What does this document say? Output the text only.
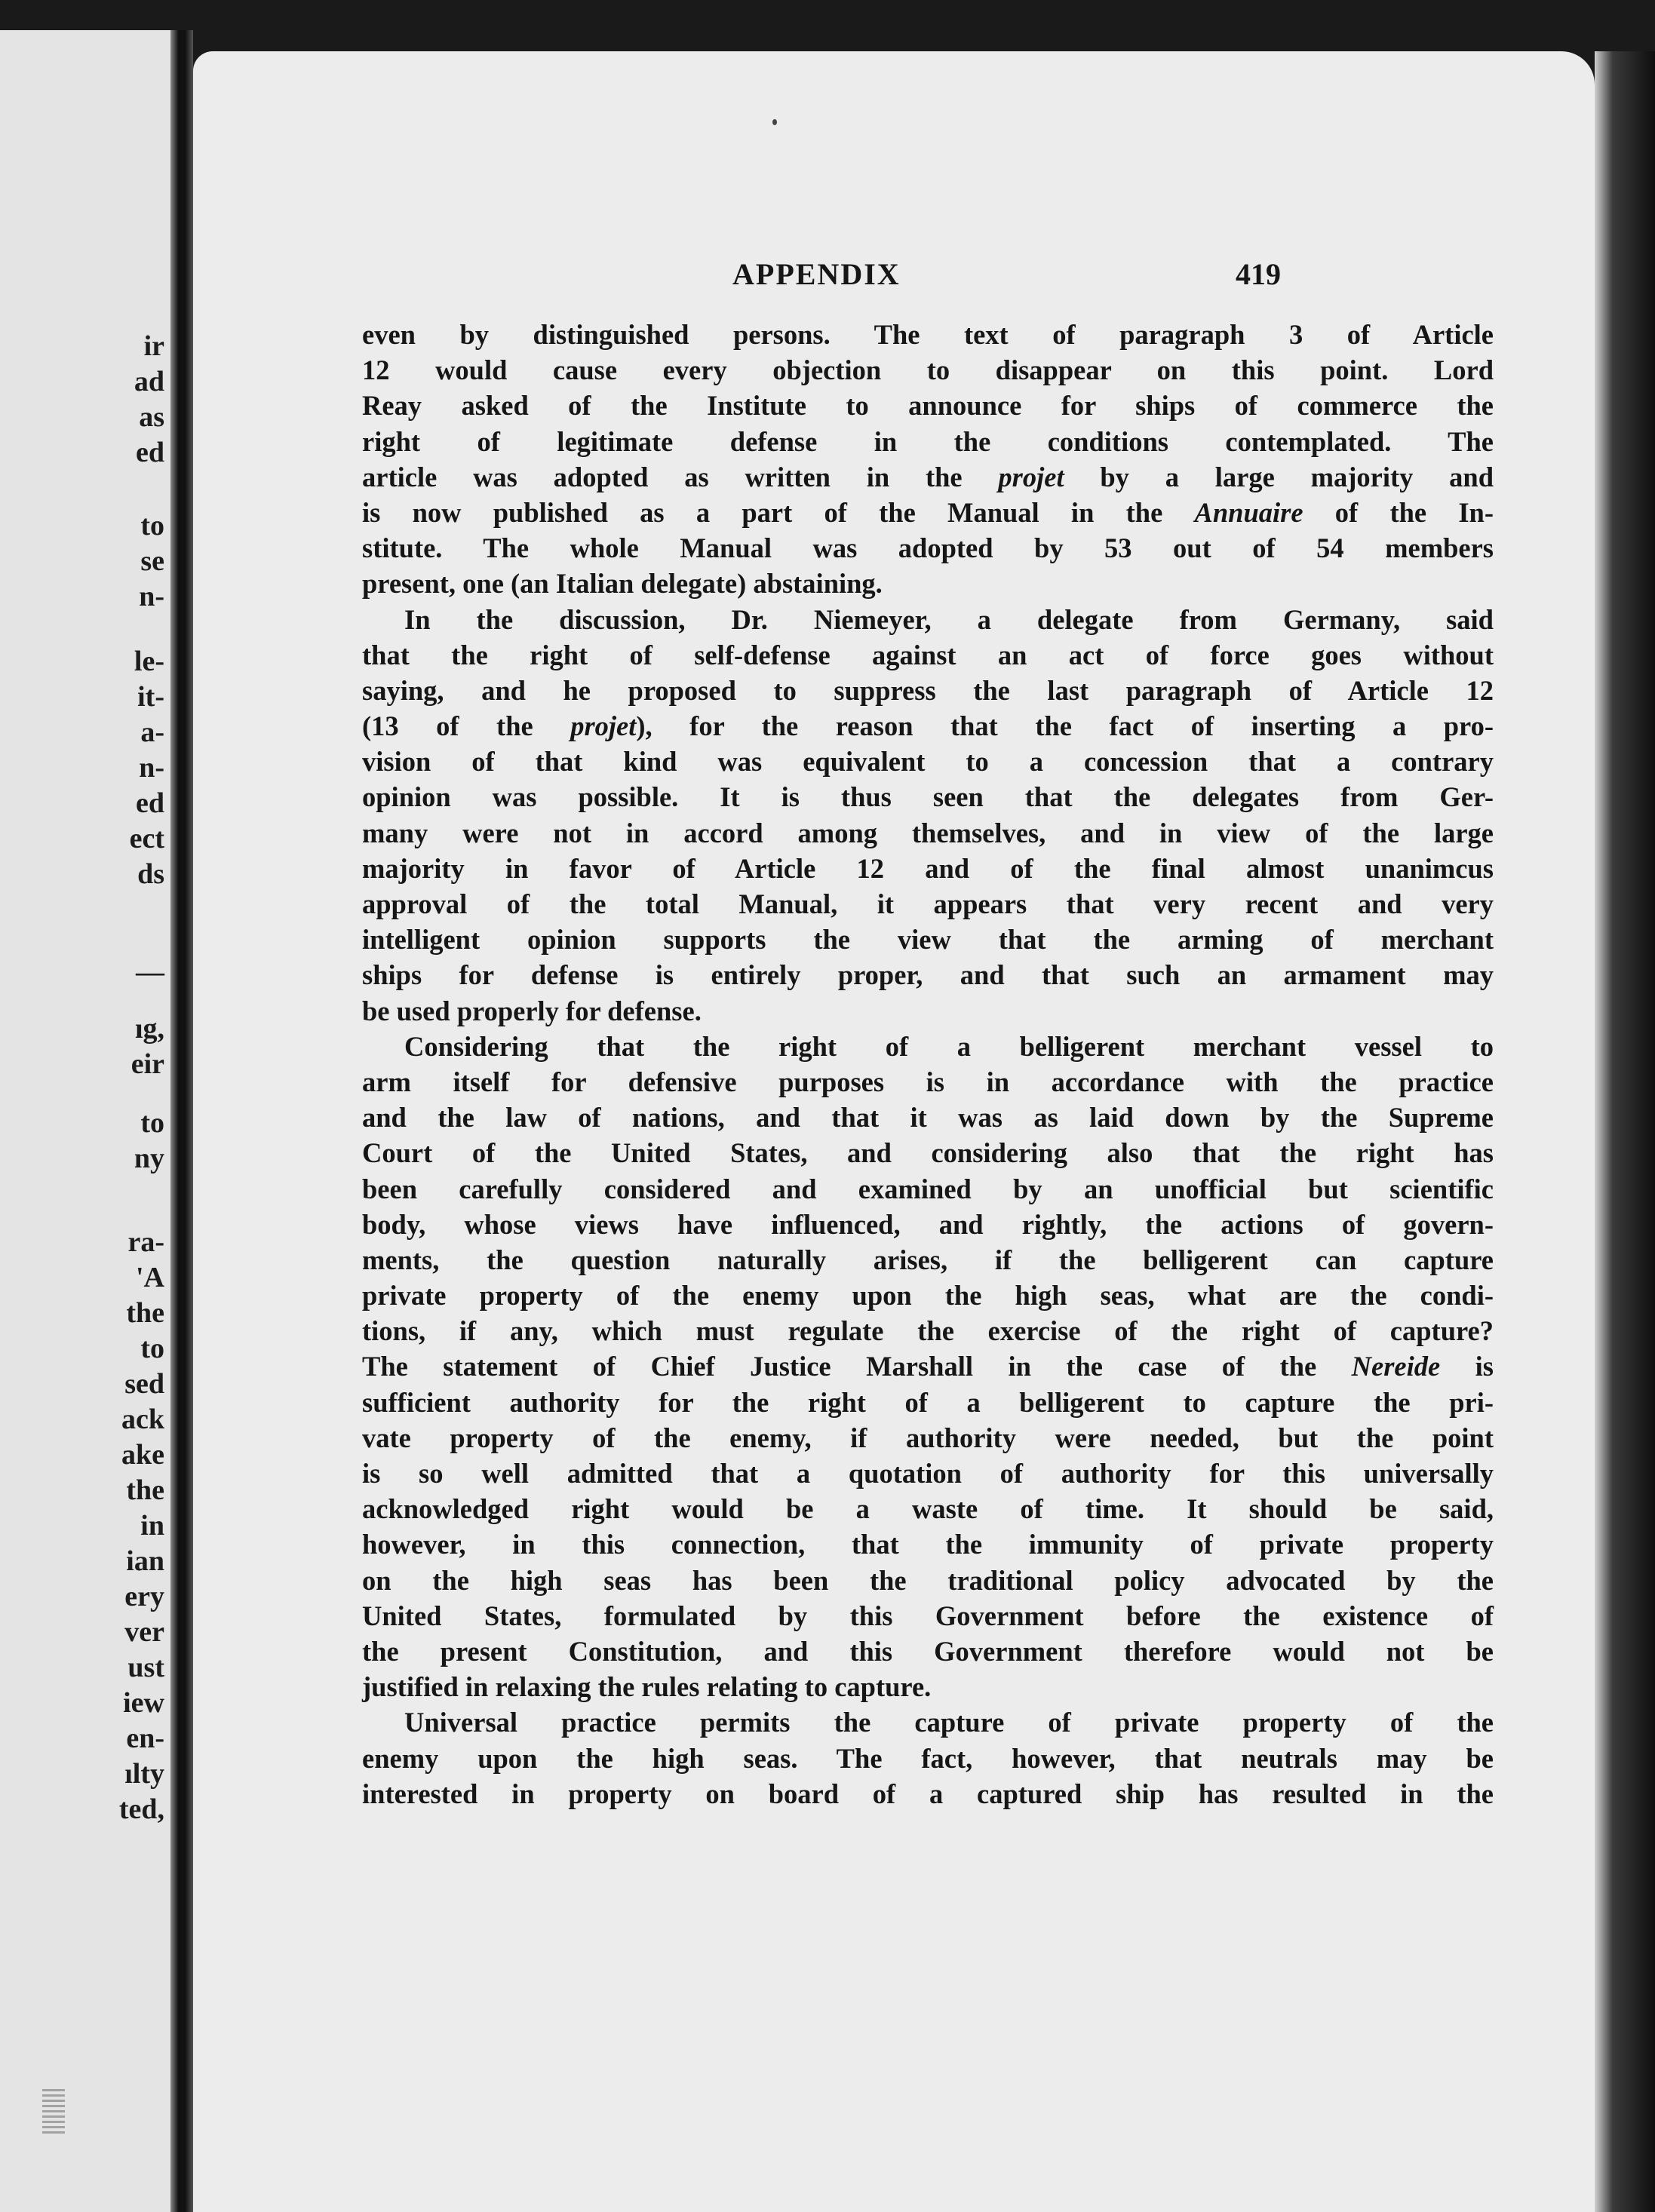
ir
ad
as
ed
to
se
n-
le-
it-
a-
n-
ed
ect
ds
—
ıg,
eir
to
ny
ra-
'A
the
to
sed
ack
ake
the
in
ian
ery
ver
ust
iew
en-
ılty
ted,
APPENDIX	419
even by distinguished persons. The text of paragraph 3 of Article
12 would cause every objection to disappear on this point. Lord
Reay asked of the Institute to announce for ships of commerce the
right of legitimate defense in the conditions contemplated. The
article was adopted as written in the projet by a large majority and
is now published as a part of the Manual in the Annuaire of the In-
stitute. The whole Manual was adopted by 53 out of 54 members
present, one (an Italian delegate) abstaining.
In the discussion, Dr. Niemeyer, a delegate from Germany, said
that the right of self-defense against an act of force goes without
saying, and he proposed to suppress the last paragraph of Article 12
(13 of the projet), for the reason that the fact of inserting a pro-
vision of that kind was equivalent to a concession that a contrary
opinion was possible. It is thus seen that the delegates from Ger-
many were not in accord among themselves, and in view of the large
majority in favor of Article 12 and of the final almost unanimcus
approval of the total Manual, it appears that very recent and very
intelligent opinion supports the view that the arming of merchant
ships for defense is entirely proper, and that such an armament may
be used properly for defense.
Considering that the right of a belligerent merchant vessel to
arm itself for defensive purposes is in accordance with the practice
and the law of nations, and that it was as laid down by the Supreme
Court of the United States, and considering also that the right has
been carefully considered and examined by an unofficial but scientific
body, whose views have influenced, and rightly, the actions of govern-
ments, the question naturally arises, if the belligerent can capture
private property of the enemy upon the high seas, what are the condi-
tions, if any, which must regulate the exercise of the right of capture?
The statement of Chief Justice Marshall in the case of the Nereide is
sufficient authority for the right of a belligerent to capture the pri-
vate property of the enemy, if authority were needed, but the point
is so well admitted that a quotation of authority for this universally
acknowledged right would be a waste of time. It should be said,
however, in this connection, that the immunity of private property
on the high seas has been the traditional policy advocated by the
United States, formulated by this Government before the existence of
the present Constitution, and this Government therefore would not be
justified in relaxing the rules relating to capture.
Universal practice permits the capture of private property of the
enemy upon the high seas. The fact, however, that neutrals may be
interested in property on board of a captured ship has resulted in the
